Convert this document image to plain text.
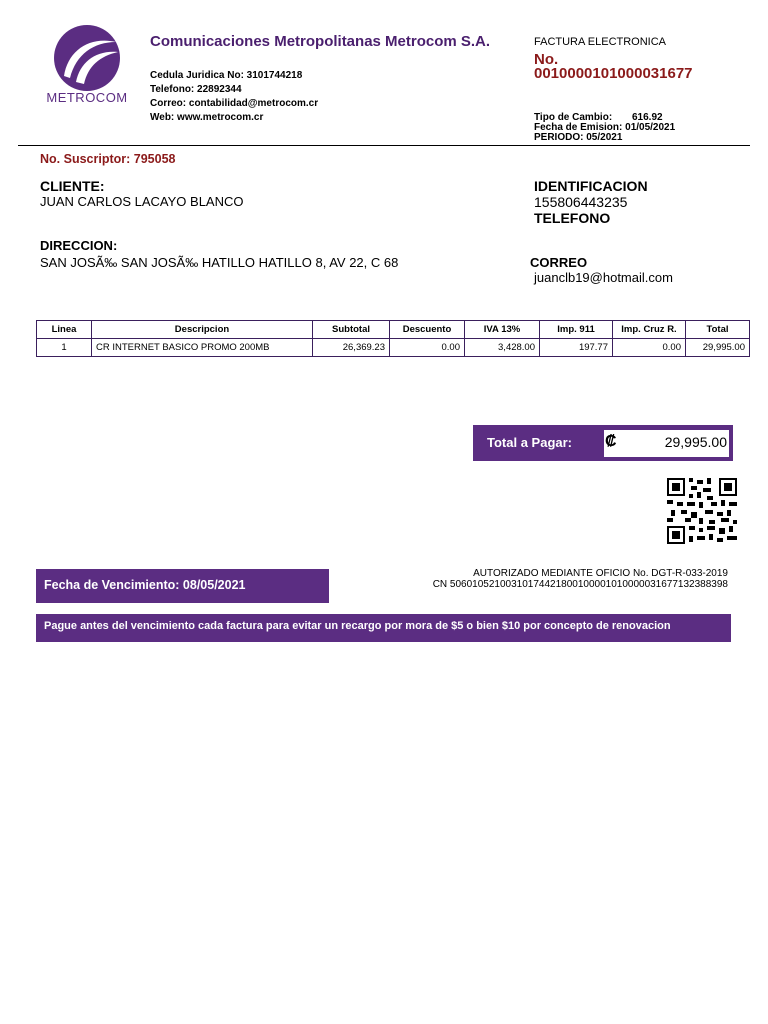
METROCOM
Comunicaciones Metropolitanas Metrocom S.A.
Cedula Juridica No: 3101744218
Telefono: 22892344
Correo: contabilidad@metrocom.cr
Web: www.metrocom.cr
FACTURA ELECTRONICA
No.
0010000101000031677
Tipo de Cambio: 616.92
Fecha de Emision: 01/05/2021
PERIODO: 05/2021
No. Suscriptor: 795058
CLIENTE:
JUAN CARLOS LACAYO BLANCO
IDENTIFICACION
155806443235
TELEFONO
DIRECCION:
SAN JOSÃ‰ SAN JOSÃ‰ HATILLO HATILLO 8, AV 22, C 68	CORREO
juanclb19@hotmail.com
Linea	Descripcion	Subtotal	Descuento	IVA 13%	Imp. 911	Imp. Cruz R.	Total
1	CR INTERNET BASICO PROMO 200MB	26,369.23	0.00	3,428.00	197.77	0.00	29,995.00
Total a Pagar: ₡	29,995.00
Fecha de Vencimiento: 08/05/2021
AUTORIZADO MEDIANTE OFICIO No. DGT-R-033-2019
CN 50601052100310174421800100001010000031677132388398
Pague antes del vencimiento cada factura para evitar un recargo por mora de $5 o bien $10 por concepto de renovacion
